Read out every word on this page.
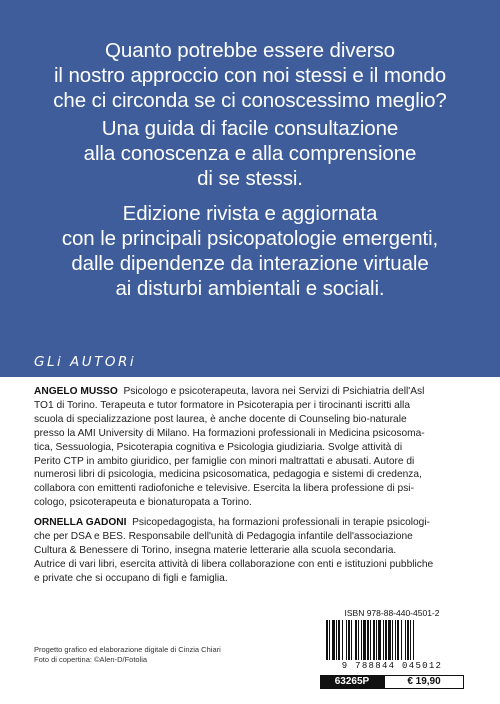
Quanto potrebbe essere diverso
il nostro approccio con noi stessi e il mondo
che ci circonda se ci conoscessimo meglio?
Una guida di facile consultazione
alla conoscenza e alla comprensione
di se stessi.
Edizione rivista e aggiornata
con le principali psicopatologie emergenti,
dalle dipendenze da interazione virtuale
ai disturbi ambientali e sociali.
GLi AUTORi
ANGELO MUSSO Psicologo e psicoterapeuta, lavora nei Servizi di Psichiatria dell'Asl
TO1 di Torino. Terapeuta e tutor formatore in Psicoterapia per i tirocinanti iscritti alla
scuola di specializzazione post laurea, è anche docente di Counseling bio-naturale
presso la AMI University di Milano. Ha formazioni professionali in Medicina psicosoma-
tica, Sessuologia, Psicoterapia cognitiva e Psicologia giudiziaria. Svolge attività di
Perito CTP in ambito giuridico, per famiglie con minori maltrattati e abusati. Autore di
numerosi libri di psicologia, medicina psicosomatica, pedagogia e sistemi di credenza,
collabora con emittenti radiofoniche e televisive. Esercita la libera professione di psi-
cologo, psicoterapeuta e bionaturopata a Torino.
ORNELLA GADONI Psicopedagogista, ha formazioni professionali in terapie psicologi-
che per DSA e BES. Responsabile dell'unità di Pedagogia infantile dell'associazione
Cultura & Benessere di Torino, insegna materie letterarie alla scuola secondaria.
Autrice di vari libri, esercita attività di libera collaborazione con enti e istituzioni pubbliche
e private che si occupano di figli e famiglia.
ISBN 978-88-440-4501-2
9 788844 045012
63265P	€ 19,90
Progetto grafico ed elaborazione digitale di Cinzia Chiari
Foto di copertina: ©Alen-D/Fotolia
